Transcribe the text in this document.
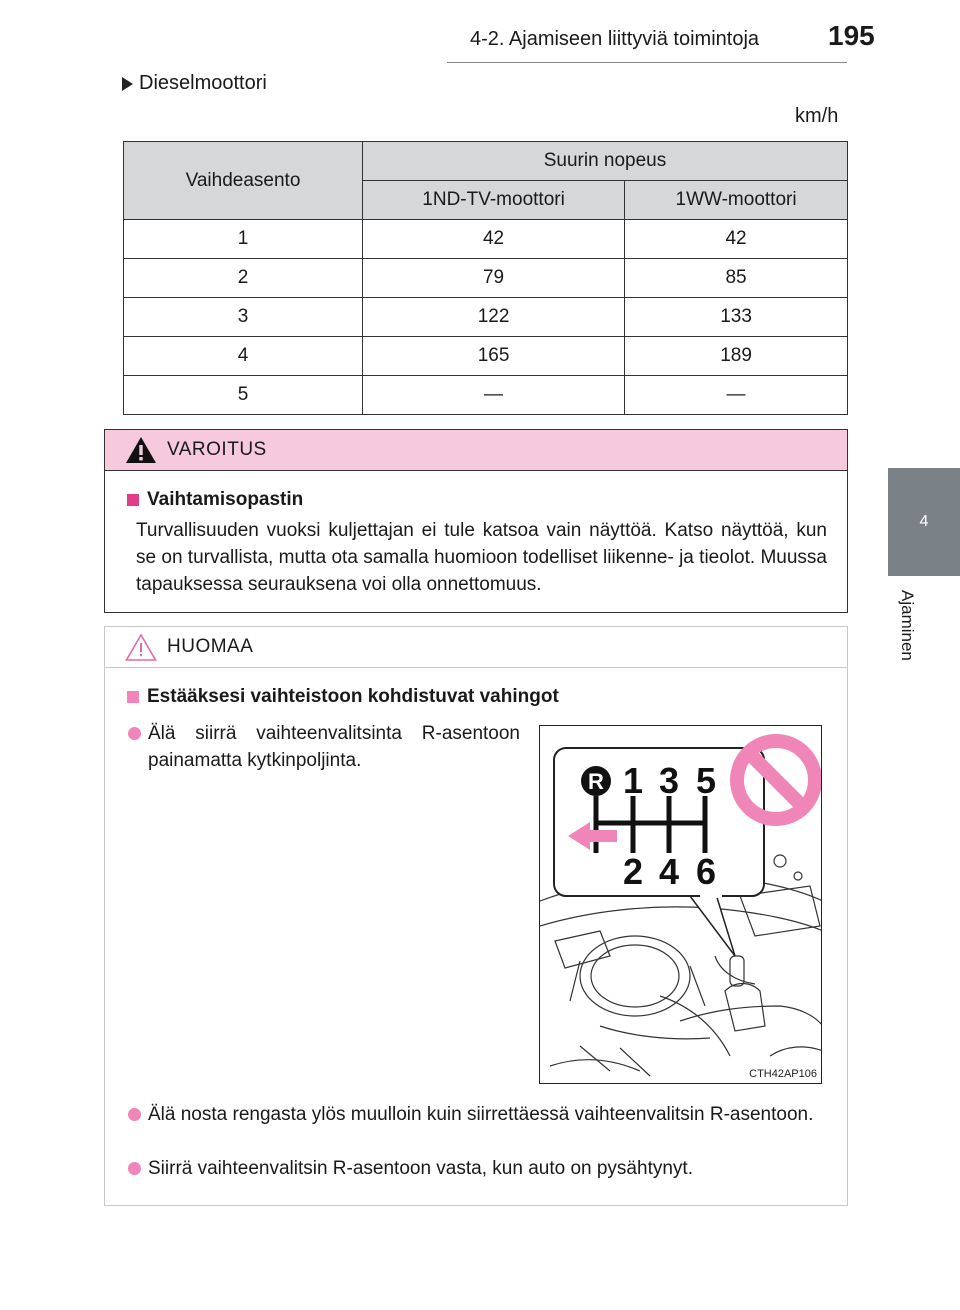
4-2. Ajamiseen liittyviä toimintoja 195
4
Ajaminen
Dieselmoottori
km/h
Vaihdeasento	Suurin nopeus	
	1ND-TV-moottori	1WW-moottori
1	42	42
2	79	85
3	122	133
4	165	189
5	—	—
VAROITUS
Vaihtamisopastin
Turvallisuuden vuoksi kuljettajan ei tule katsoa vain näyttöä. Katso näyttöä, kun se on turvallista, mutta ota samalla huomioon todelliset liikenne- ja tieolot. Muussa tapauksessa seurauksena voi olla onnettomuus.
HUOMAA
Estääksesi vaihteistoon kohdistuvat vahingot
Älä siirrä vaihteenvalitsinta R-asentoon painamatta kytkinpoljinta.
R 1 3 5
2 4 6
CTH42AP106
Älä nosta rengasta ylös muulloin kuin siirrettäessä vaihteenvalitsin R-asentoon.
Siirrä vaihteenvalitsin R-asentoon vasta, kun auto on pysähtynyt.
